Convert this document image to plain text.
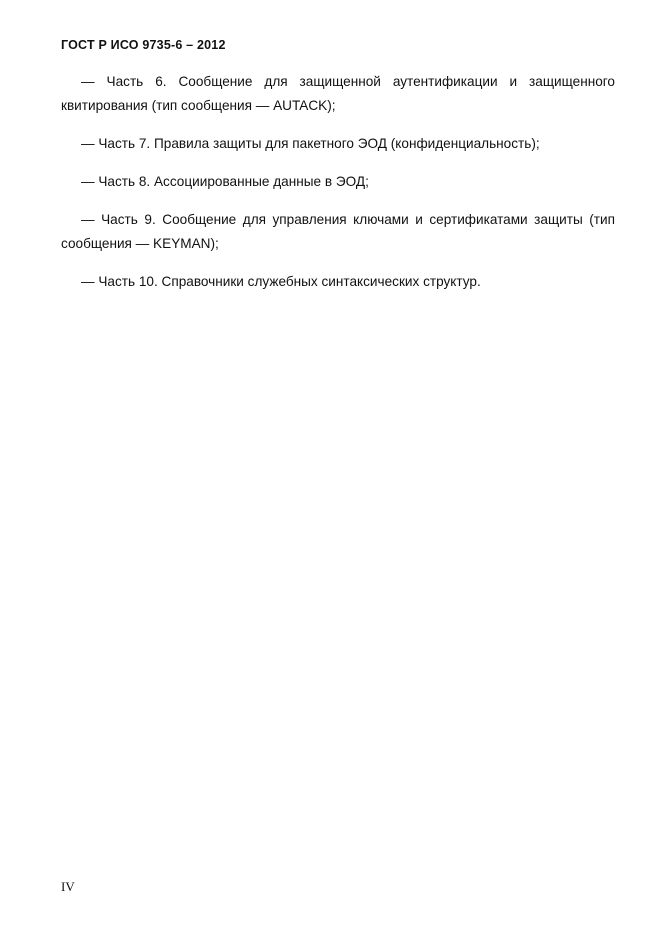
ГОСТ Р ИСО 9735-6 – 2012

— Часть 6. Сообщение для защищенной аутентификации и защищенного квитирования (тип сообщения — AUTACK);

— Часть 7. Правила защиты для пакетного ЭОД (конфиденциальность);

— Часть 8. Ассоциированные данные в ЭОД;

— Часть 9. Сообщение для управления ключами и сертификатами защиты (тип сообщения — KEYMAN);

— Часть 10. Справочники служебных синтаксических структур.

IV
